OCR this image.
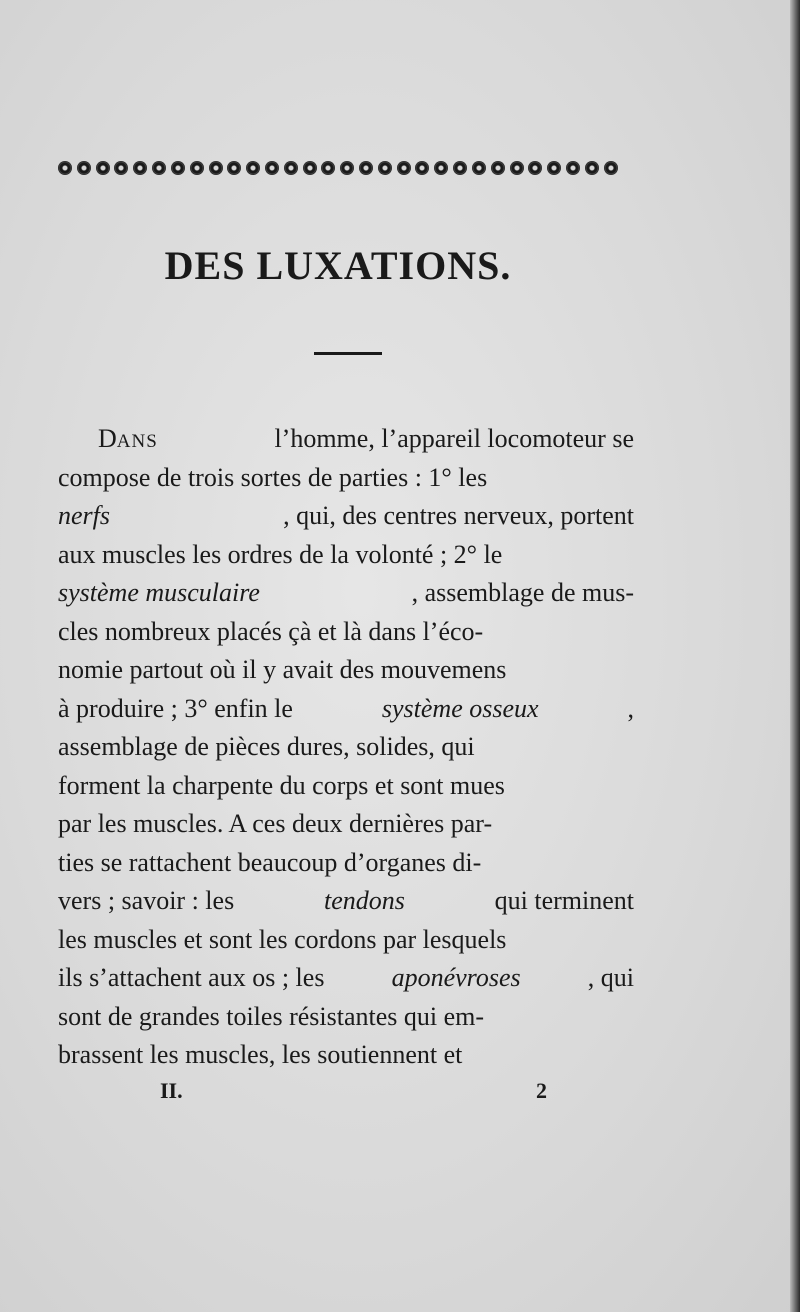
DES LUXATIONS.
DANS	l’homme, l’appareil locomoteur se
compose de trois sortes de parties : 1° les
nerfs	, qui, des centres nerveux, portent
aux muscles les ordres de la volonté ; 2° le
système musculaire	, assemblage de mus-
cles nombreux placés çà et là dans l’éco-
nomie partout où il y avait des mouvemens
à produire ; 3° enfin le	système osseux	,
assemblage de pièces dures, solides, qui
forment la charpente du corps et sont mues
par les muscles. A ces deux dernières par-
ties se rattachent beaucoup d’organes di-
vers ; savoir : les	tendons	qui terminent
les muscles et sont les cordons par lesquels
ils s’attachent aux os ; les	aponévroses	, qui
sont de grandes toiles résistantes qui em-
brassent les muscles, les soutiennent et
II.	2
